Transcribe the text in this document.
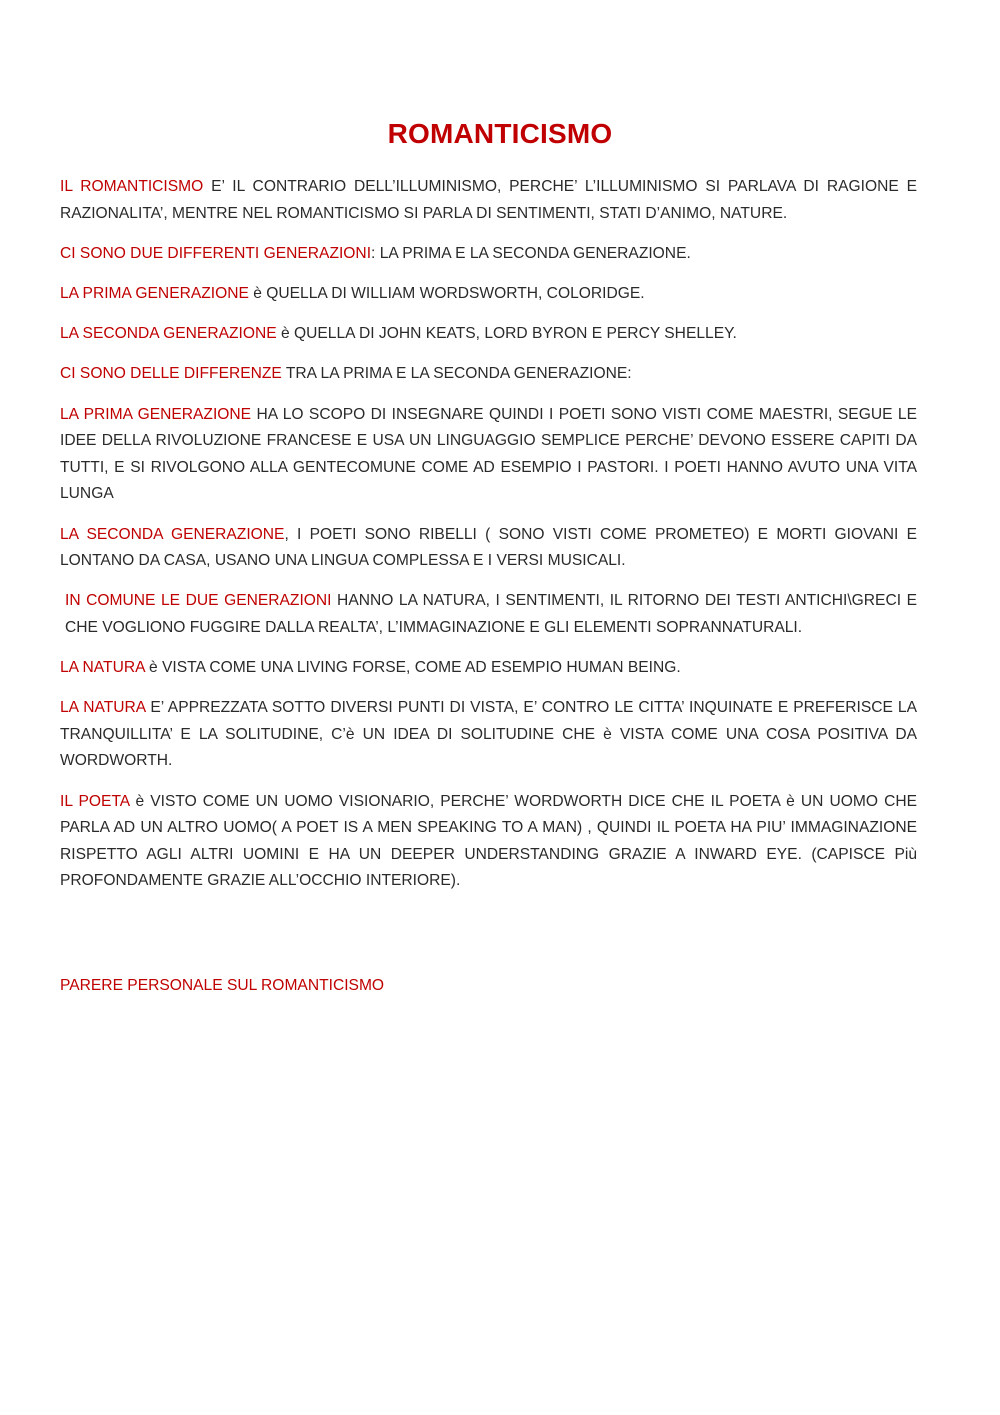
ROMANTICISMO

IL ROMANTICISMO E’ IL CONTRARIO DELL’ILLUMINISMO, PERCHE’ L’ILLUMINISMO SI PARLAVA DI RAGIONE E RAZIONALITA’, MENTRE NEL ROMANTICISMO SI PARLA DI SENTIMENTI, STATI D’ANIMO, NATURE.

CI SONO DUE DIFFERENTI GENERAZIONI: LA PRIMA E LA SECONDA GENERAZIONE.

LA PRIMA GENERAZIONE è QUELLA DI WILLIAM WORDSWORTH, COLORIDGE.

LA SECONDA GENERAZIONE è QUELLA DI JOHN KEATS, LORD BYRON E PERCY SHELLEY.

CI SONO DELLE DIFFERENZE TRA LA PRIMA E LA SECONDA GENERAZIONE:

LA PRIMA GENERAZIONE HA LO SCOPO DI INSEGNARE QUINDI I POETI SONO VISTI COME MAESTRI, SEGUE LE IDEE DELLA RIVOLUZIONE FRANCESE E USA UN LINGUAGGIO SEMPLICE PERCHE’ DEVONO ESSERE CAPITI DA TUTTI, E SI RIVOLGONO ALLA GENTECOMUNE COME AD ESEMPIO I PASTORI. I POETI HANNO AVUTO UNA VITA LUNGA

LA SECONDA GENERAZIONE, I POETI SONO RIBELLI ( SONO VISTI COME PROMETEO) E MORTI GIOVANI E LONTANO DA CASA, USANO UNA LINGUA COMPLESSA E I VERSI MUSICALI.

IN COMUNE LE DUE GENERAZIONI HANNO LA NATURA, I SENTIMENTI, IL RITORNO DEI TESTI ANTICHI\GRECI E CHE VOGLIONO FUGGIRE DALLA REALTA’, L’IMMAGINAZIONE E GLI ELEMENTI SOPRANNATURALI.

LA NATURA è VISTA COME UNA LIVING FORSE, COME AD ESEMPIO HUMAN BEING.

LA NATURA E’ APPREZZATA SOTTO DIVERSI PUNTI DI VISTA, E’ CONTRO LE CITTA’ INQUINATE E PREFERISCE LA TRANQUILLITA’ E LA SOLITUDINE, C’è UN IDEA DI SOLITUDINE CHE è VISTA COME UNA COSA POSITIVA DA WORDWORTH.

IL POETA è VISTO COME UN UOMO VISIONARIO, PERCHE’ WORDWORTH DICE CHE IL POETA è UN UOMO CHE PARLA AD UN ALTRO UOMO( A POET IS A MEN SPEAKING TO A MAN) , QUINDI IL POETA HA PIU’ IMMAGINAZIONE RISPETTO AGLI ALTRI UOMINI E HA UN DEEPER UNDERSTANDING GRAZIE A INWARD EYE. (CAPISCE Più PROFONDAMENTE GRAZIE ALL’OCCHIO INTERIORE).

PARERE PERSONALE SUL ROMANTICISMO
